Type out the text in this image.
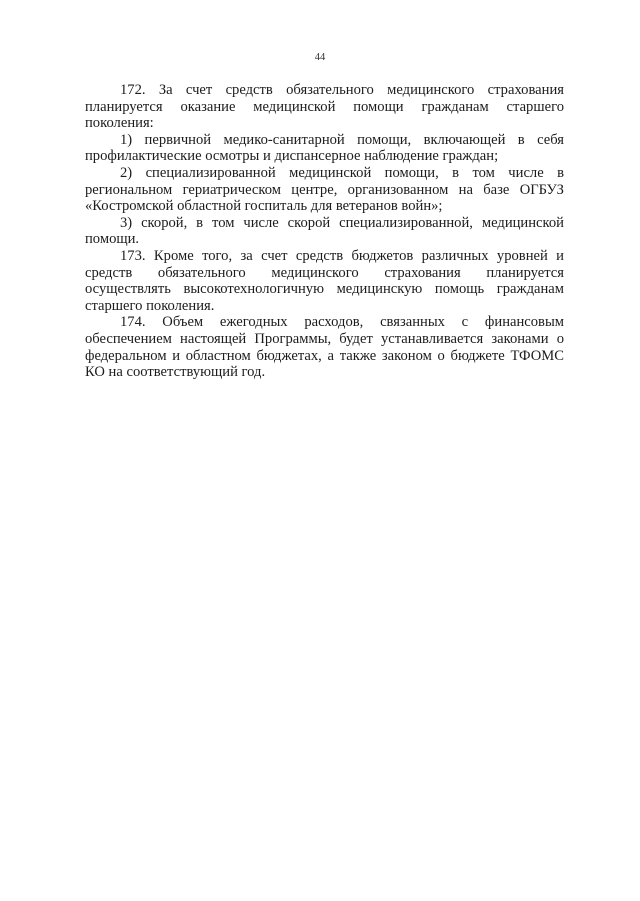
44

172. За счет средств обязательного медицинского страхования планируется оказание медицинской помощи гражданам старшего поколения:

1) первичной медико-санитарной помощи, включающей в себя профилактические осмотры и диспансерное наблюдение граждан;

2) специализированной медицинской помощи, в том числе в региональном гериатрическом центре, организованном на базе ОГБУЗ «Костромской областной госпиталь для ветеранов войн»;

3) скорой, в том числе скорой специализированной, медицинской помощи.

173. Кроме того, за счет средств бюджетов различных уровней и средств обязательного медицинского страхования планируется осуществлять высокотехнологичную медицинскую помощь гражданам старшего поколения.

174. Объем ежегодных расходов, связанных с финансовым обеспечением настоящей Программы, будет устанавливается законами о федеральном и областном бюджетах, а также законом о бюджете ТФОМС КО на соответствующий год.
